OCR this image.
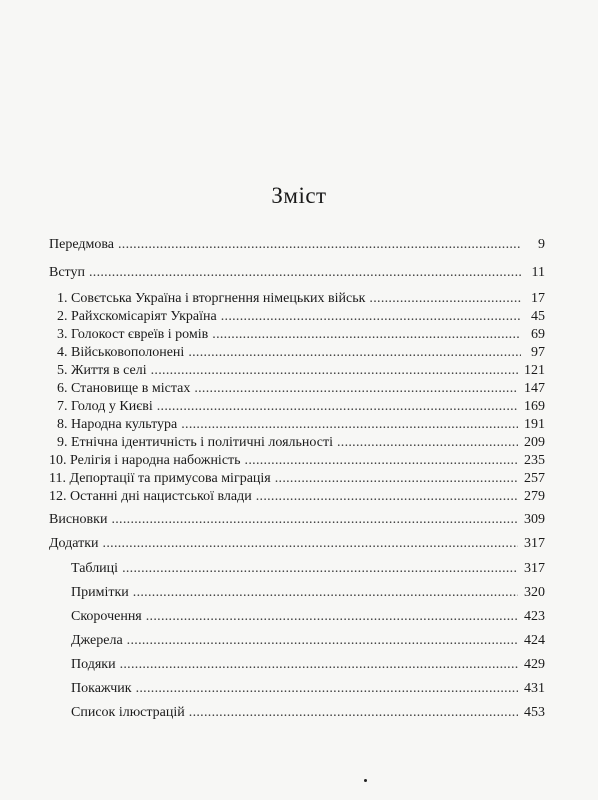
Зміст
Передмова . . .	9
Вступ . . .	11
1. Совєтська Україна і вторгнення німецьких військ . . .	17
2. Райхскомісаріят Україна . . .	45
3. Голокост євреїв і ромів . . .	69
4. Військовополонені . . .	97
5. Життя в селі . . .	121
6. Становище в містах . . .	147
7. Голод у Києві . . .	169
8. Народна культура . . .	191
9. Етнічна ідентичність і політичні лояльності . . .	209
10. Релігія і народна набожність . . .	235
11. Депортації та примусова міграція . . .	257
12. Останні дні нацистської влади . . .	279
Висновки . . .	309
Додатки . . .	317
Таблиці . . .	317
Примітки . . .	320
Скорочення . . .	423
Джерела . . .	424
Подяки . . .	429
Покажчик . . .	431
Список ілюстрацій . . .	453
